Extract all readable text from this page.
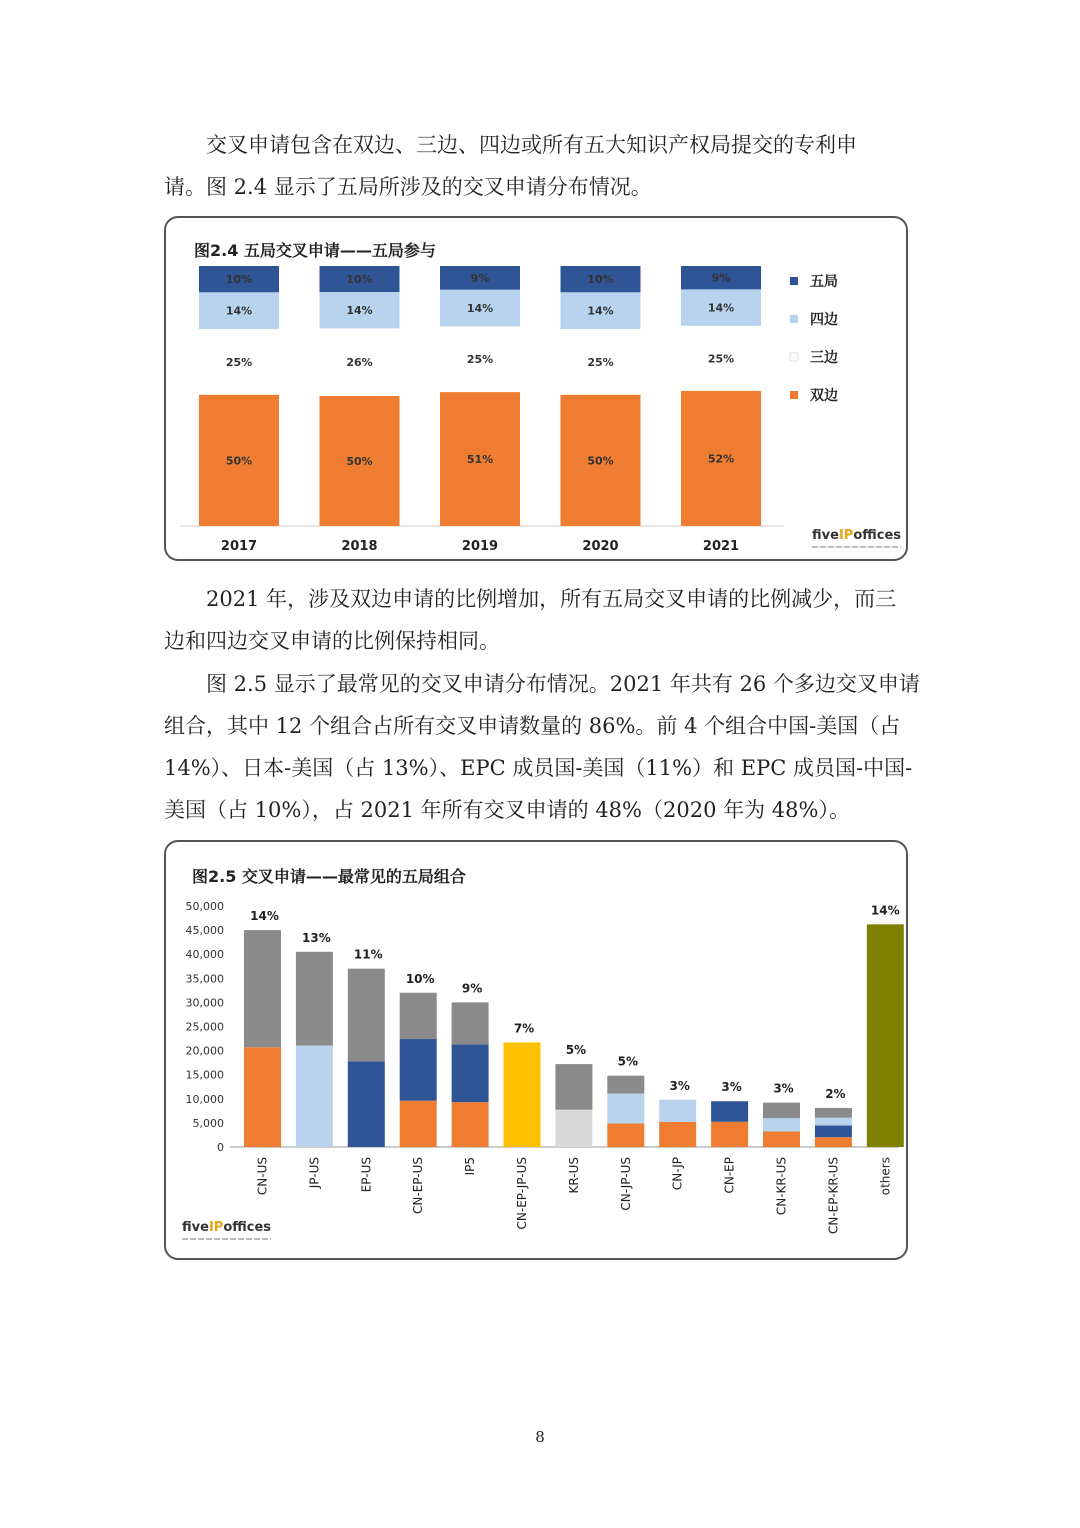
　　交叉申请包含在双边、三边、四边或所有五大知识产权局提交的专利申
请。图 2.4 显示了五局所涉及的交叉申请分布情况。
图2.4 五局交叉申请——五局参与
50%
25%
14%
10%
2017
50%
26%
14%
10%
2018
51%
25%
14%
9%
2019
50%
25%
14%
10%
2020
52%
25%
14%
9%
2021
五局
四边
三边
双边
fiveIPoffices
　　2021 年，涉及双边申请的比例增加，所有五局交叉申请的比例减少，而三
边和四边交叉申请的比例保持相同。
　　图 2.5 显示了最常见的交叉申请分布情况。2021 年共有 26 个多边交叉申请
组合，其中 12 个组合占所有交叉申请数量的 86%。前 4 个组合中国-美国（占
14%）、日本-美国（占 13%）、EPC 成员国-美国（11%）和 EPC 成员国-中国-
美国（占 10%），占 2021 年所有交叉申请的 48%（2020 年为 48%）。
图2.5 交叉申请——最常见的五局组合
50,000
45,000
40,000
35,000
30,000
25,000
20,000
15,000
10,000
5,000
0
14%
CN-US
13%
JP-US
11%
EP-US
10%
CN-EP-US
9%
IP5
7%
CN-EP-JP-US
5%
KR-US
5%
CN-JP-US
3%
CN-JP
3%
CN-EP
3%
CN-KR-US
2%
CN-EP-KR-US
14%
others
fiveIPoffices
8
